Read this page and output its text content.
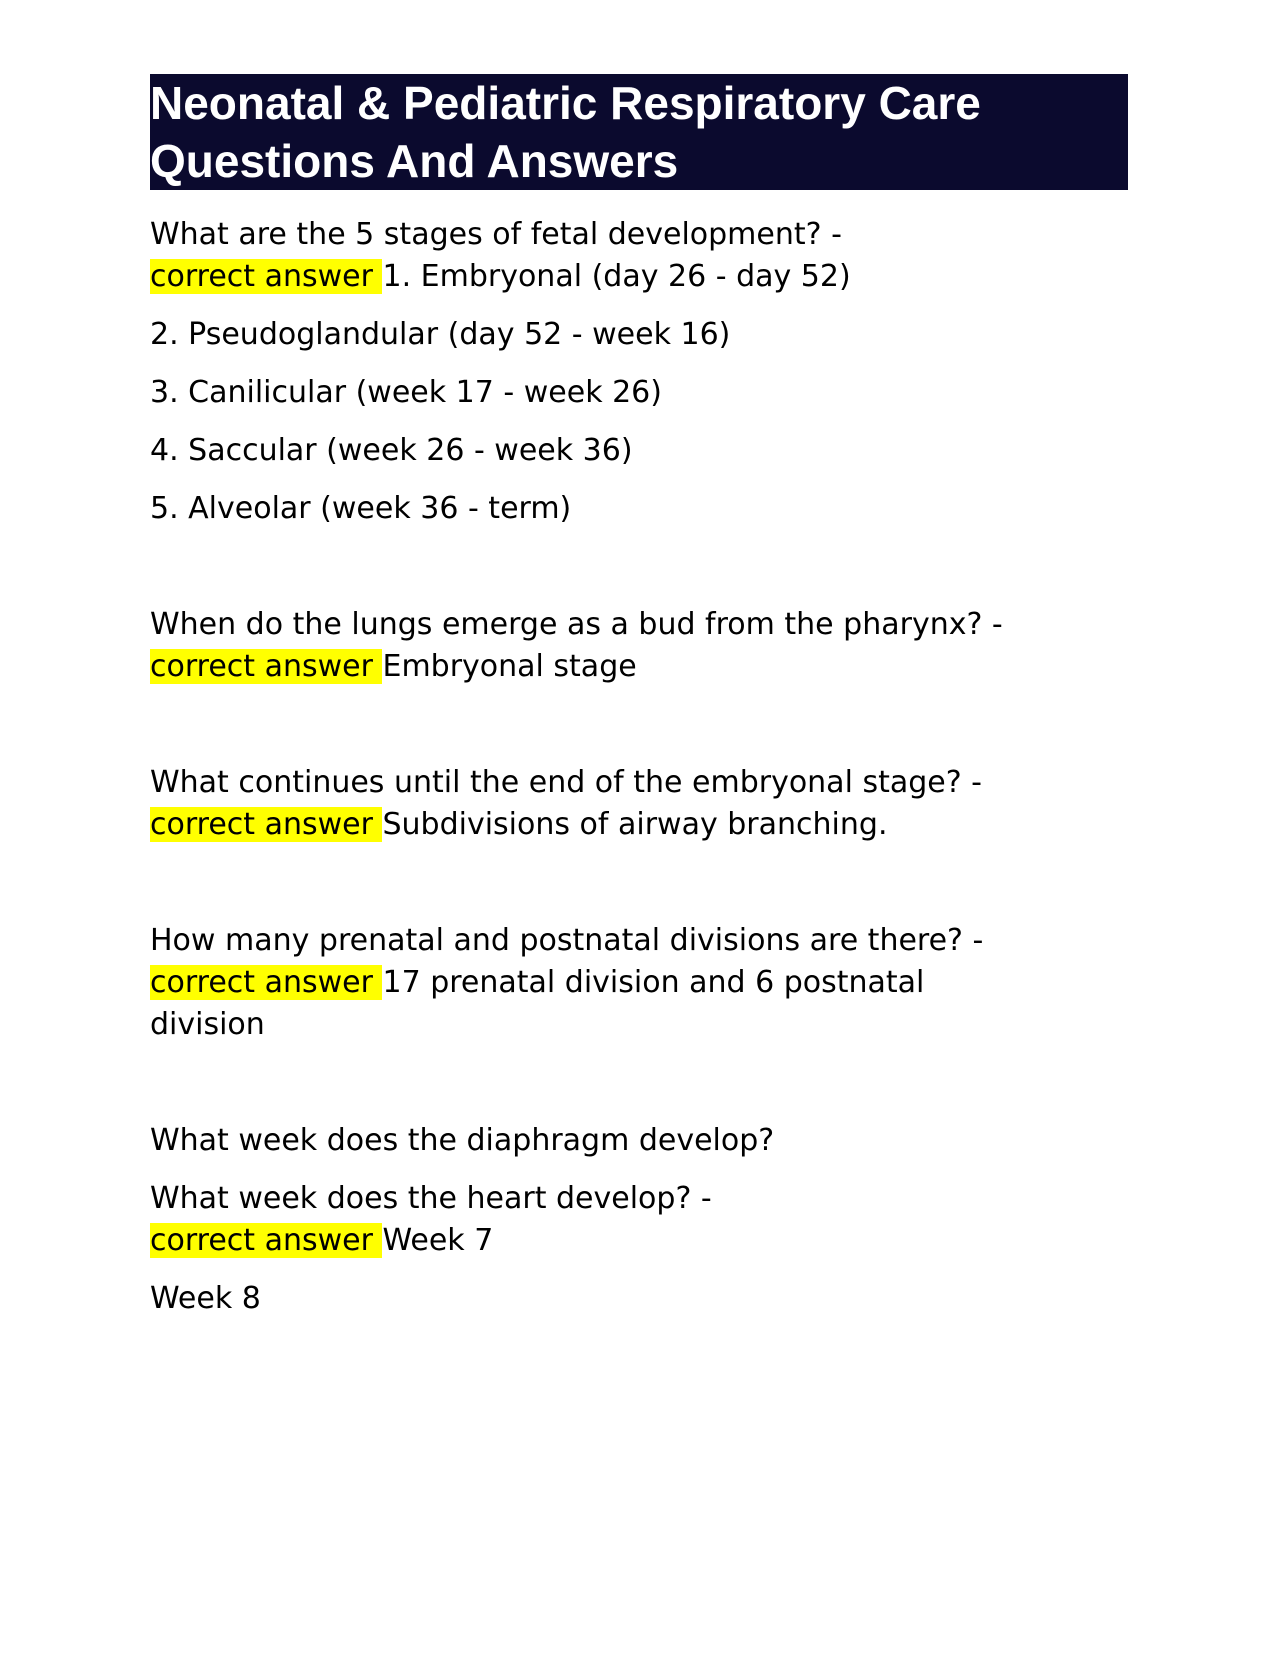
Neonatal & Pediatric Respiratory Care
Questions And Answers

What are the 5 stages of fetal development? -

correct answer 1. Embryonal (day 26 - day 52)

2. Pseudoglandular (day 52 - week 16)

3. Canilicular (week 17 - week 26)

4. Saccular (week 26 - week 36)

5. Alveolar (week 36 - term)

When do the lungs emerge as a bud from the pharynx? -

correct answer Embryonal stage

What continues until the end of the embryonal stage? -

correct answer Subdivisions of airway branching.

How many prenatal and postnatal divisions are there? -

correct answer 17 prenatal division and 6 postnatal

division

What week does the diaphragm develop?

What week does the heart develop? -

correct answer Week 7

Week 8
